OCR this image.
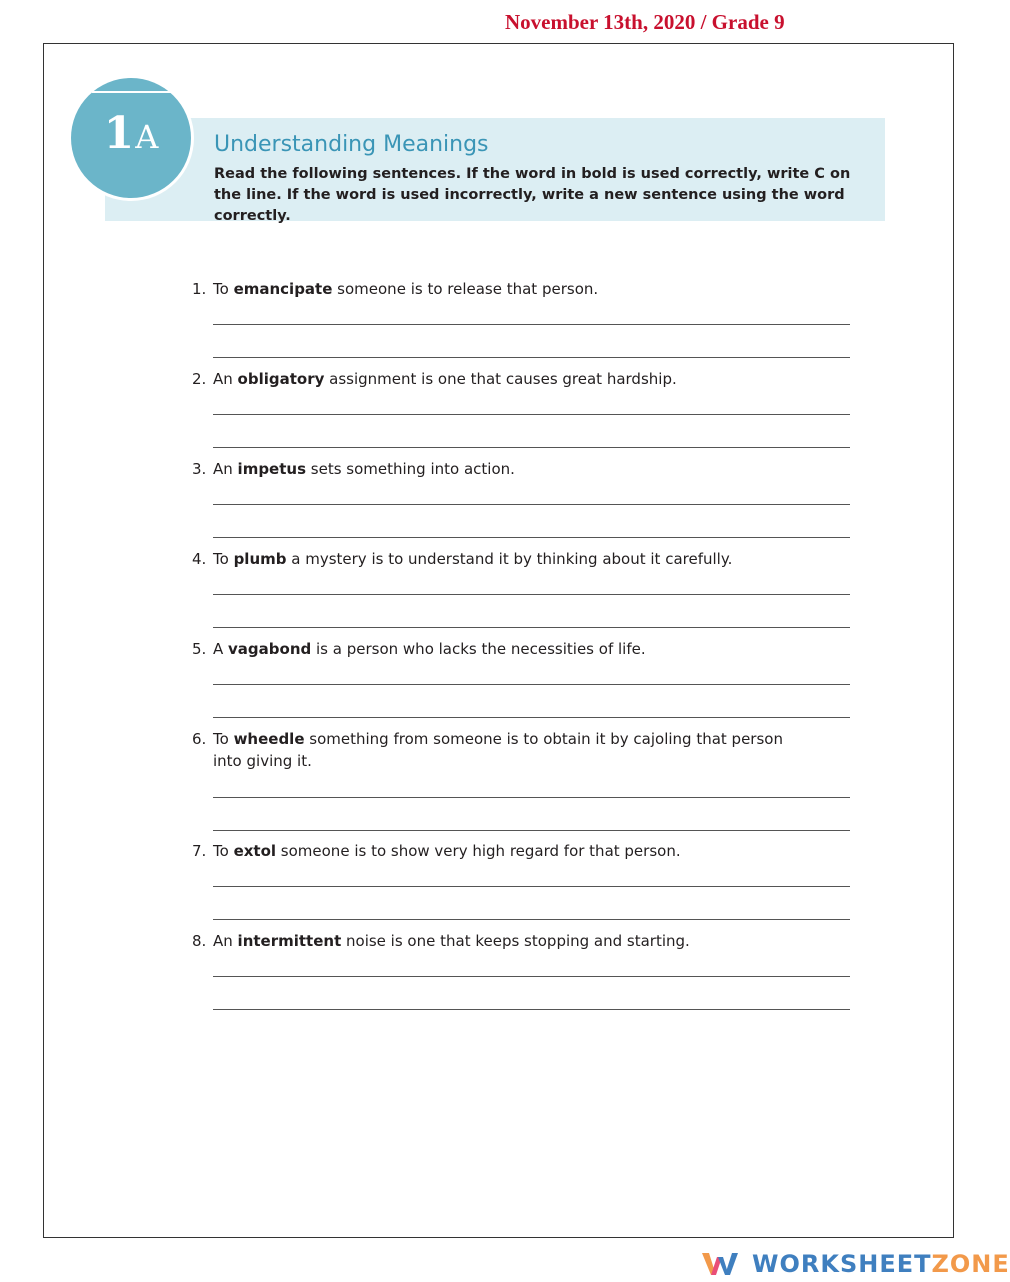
November 13th, 2020 / Grade 9
1A	Understanding Meanings
Read the following sentences. If the word in bold is used correctly, write C on the line. If the word is used incorrectly, write a new sentence using the word correctly.
1. To emancipate someone is to release that person.
2. An obligatory assignment is one that causes great hardship.
3. An impetus sets something into action.
4. To plumb a mystery is to understand it by thinking about it carefully.
5. A vagabond is a person who lacks the necessities of life.
6. To wheedle something from someone is to obtain it by cajoling that person into giving it.
7. To extol someone is to show very high regard for that person.
8. An intermittent noise is one that keeps stopping and starting.
WORKSHEETZONE
